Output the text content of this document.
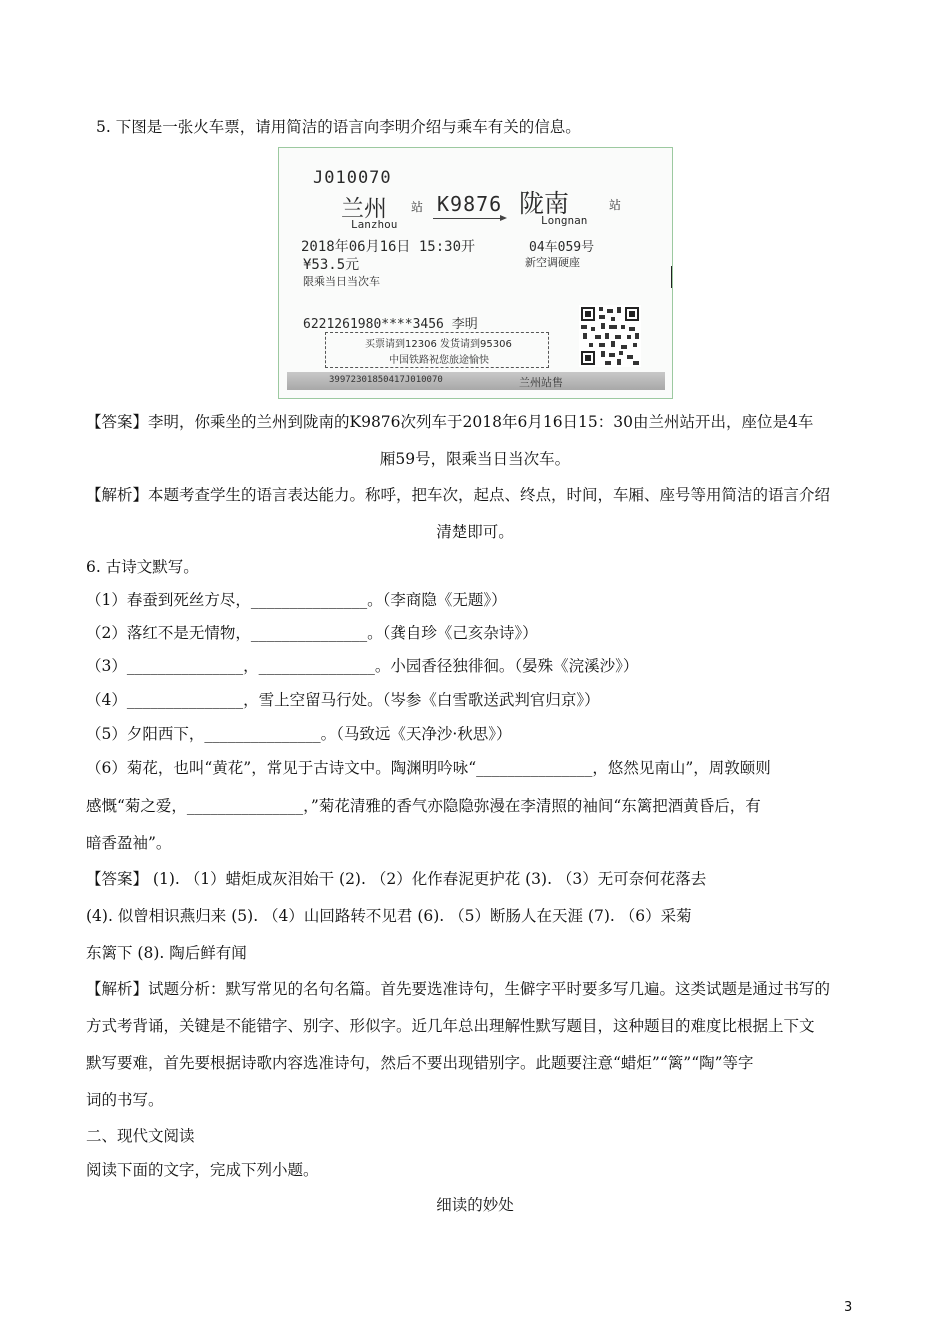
5. 下图是一张火车票，请用简洁的语言向李明介绍与乘车有关的信息。
J010070
兰州 站 K9876 陇南	站
Lanzhou	Longnan
2018年06月16日 15:30开	04车059号
¥53.5元	新空调硬座
限乘当日当次车
6221261980****3456 李明
买票请到12306 发货请到95306
中国铁路祝您旅途愉快
39972301850417J010070	兰州站售
【答案】李明，你乘坐的兰州到陇南的K9876次列车于2018年6月16日15：30由兰州站开出，座位是4车
厢59号，限乘当日当次车。
【解析】本题考查学生的语言表达能力。称呼，把车次，起点、终点，时间，车厢、座号等用简洁的语言介绍
清楚即可。
6. 古诗文默写。
（1）春蚕到死丝方尽，_______________。（李商隐《无题》）
（2）落红不是无情物，_______________。（龚自珍《己亥杂诗》）
（3）_______________，_______________。小园香径独徘徊。（晏殊《浣溪沙》）
（4）_______________，雪上空留马行处。（岑参《白雪歌送武判官归京》）
（5）夕阳西下，_______________。（马致远《天净沙·秋思》）
（6）菊花，也叫“黄花”，常见于古诗文中。陶渊明吟咏“_______________，悠然见南山”，周敦颐则
感慨“菊之爱，_______________，”菊花清雅的香气亦隐隐弥漫在李清照的袖间“东篱把酒黄昏后，有
暗香盈袖”。
【答案】 (1). （1）蜡炬成灰泪始干 (2). （2）化作春泥更护花 (3). （3）无可奈何花落去
(4). 似曾相识燕归来 (5). （4）山回路转不见君 (6). （5）断肠人在天涯 (7). （6）采菊
东篱下 (8). 陶后鲜有闻
【解析】试题分析：默写常见的名句名篇。首先要选准诗句，生僻字平时要多写几遍。这类试题是通过书写的
方式考背诵，关键是不能错字、别字、形似字。近几年总出理解性默写题目，这种题目的难度比根据上下文
默写要难，首先要根据诗歌内容选准诗句，然后不要出现错别字。此题要注意“蜡炬”“篱”“陶”等字
词的书写。
二、现代文阅读
阅读下面的文字，完成下列小题。
细读的妙处
3
